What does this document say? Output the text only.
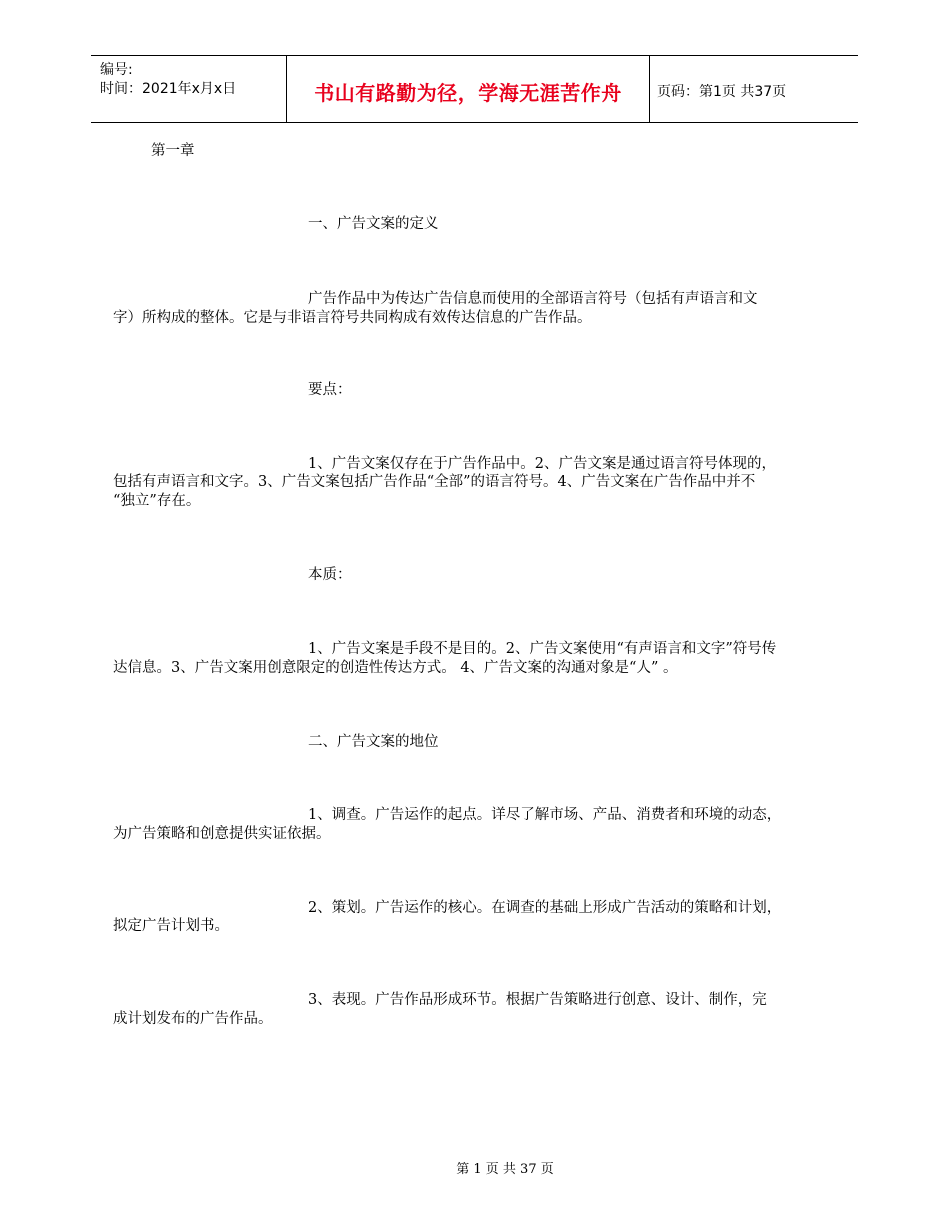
编号:
时间：2021年x月x日	书山有路勤为径，学海无涯苦作舟	页码：第1页 共37页
第一章
一、广告文案的定义
广告作品中为传达广告信息而使用的全部语言符号（包括有声语言和文
字）所构成的整体。它是与非语言符号共同构成有效传达信息的广告作品。
要点：
1、广告文案仅存在于广告作品中。2、广告文案是通过语言符号体现的，
包括有声语言和文字。3、广告文案包括广告作品“全部”的语言符号。4、广告文案在广告作品中并不
“独立”存在。
本质：
1、广告文案是手段不是目的。2、广告文案使用“有声语言和文字”符号传
达信息。3、广告文案用创意限定的创造性传达方式。 4、广告文案的沟通对象是“人” 。
二、广告文案的地位
1、调查。广告运作的起点。详尽了解市场、产品、消费者和环境的动态，
为广告策略和创意提供实证依据。
2、策划。广告运作的核心。在调查的基础上形成广告活动的策略和计划，
拟定广告计划书。
3、表现。广告作品形成环节。根据广告策略进行创意、设计、制作，完
成计划发布的广告作品。
第 1 页 共 37 页
